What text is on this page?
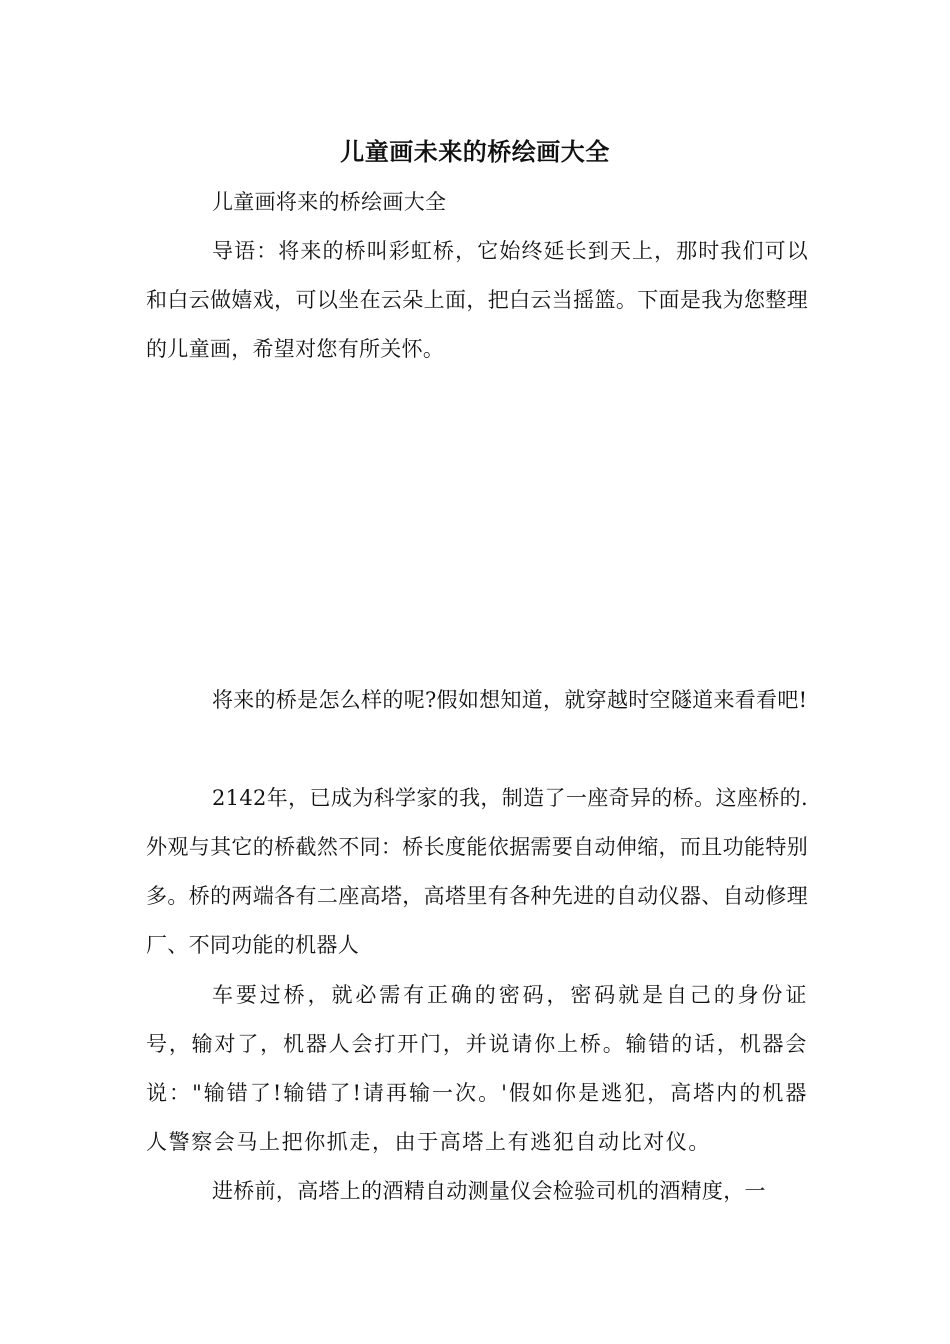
儿童画未来的桥绘画大全

儿童画将来的桥绘画大全

导语：将来的桥叫彩虹桥，它始终延长到天上，那时我们可以和白云做嬉戏，可以坐在云朵上面，把白云当摇篮。下面是我为您整理的儿童画，希望对您有所关怀。

将来的桥是怎么样的呢?假如想知道，就穿越时空隧道来看看吧!

2142年，已成为科学家的我，制造了一座奇异的桥。这座桥的.外观与其它的桥截然不同：桥长度能依据需要自动伸缩，而且功能特别多。桥的两端各有二座高塔，高塔里有各种先进的自动仪器、自动修理厂、不同功能的机器人

车要过桥，就必需有正确的密码，密码就是自己的身份证号，输对了，机器人会打开门，并说请你上桥。输错的话，机器会说："输错了!输错了!请再输一次。'假如你是逃犯，高塔内的机器人警察会马上把你抓走，由于高塔上有逃犯自动比对仪。

进桥前，高塔上的酒精自动测量仪会检验司机的酒精度，一
